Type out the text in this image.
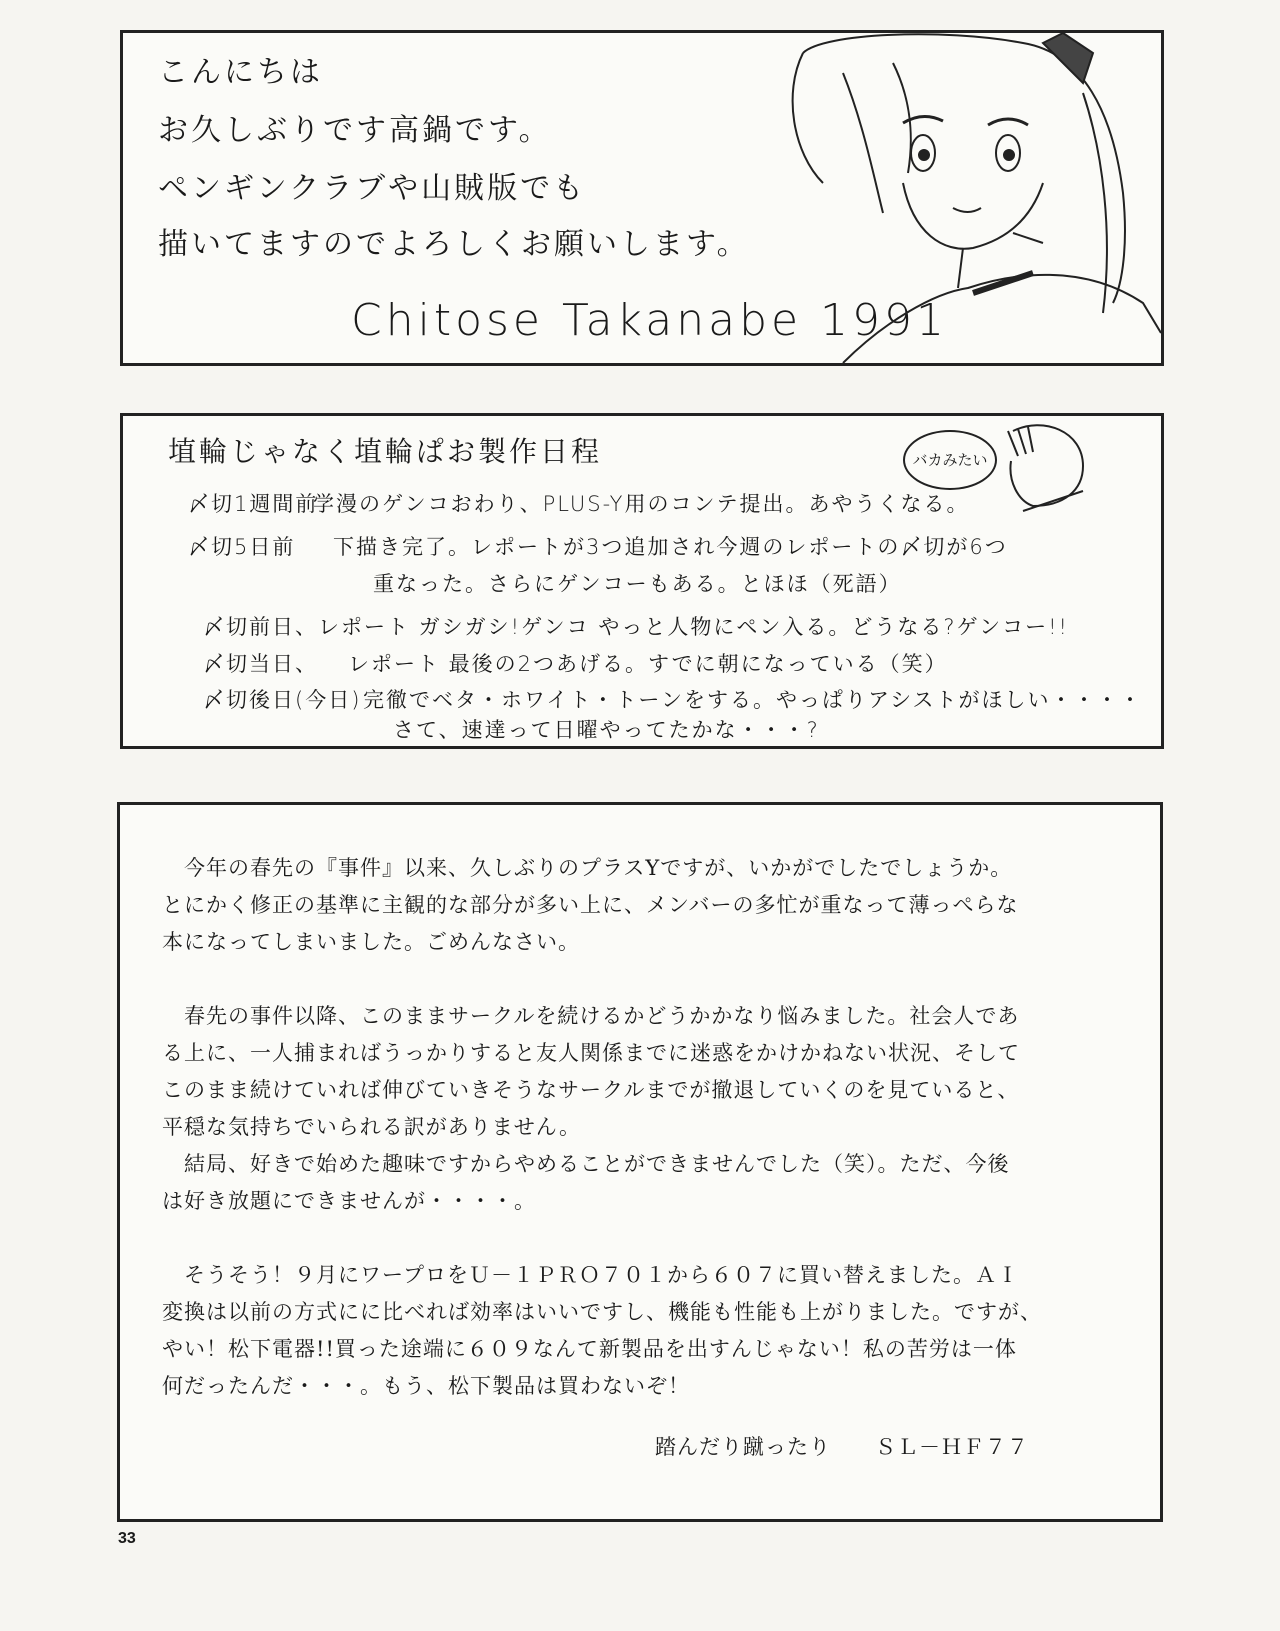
こんにちは
お久しぶりです高鍋です。
ペンギンクラブや山賊版でも
描いてますのでよろしくお願いします。
Chitose Takanabe 1991
埴輪じゃなく埴輪ぱお製作日程	バカみたい
〆切1週間前
学漫のゲンコおわり、PLUS-Y用のコンテ提出。あやうくなる。
〆切5日前 下描き完了。レポートが3つ追加され今週のレポートの〆切が6つ
重なった。さらにゲンコーもある。とほほ（死語）
〆切前日、 レポート ガシガシ!ゲンコ やっと人物にペン入る。どうなる?ゲンコー!!
〆切当日、 レポート 最後の2つあげる。すでに朝になっている（笑）
〆切後日(今日) 完徹でベタ・ホワイト・トーンをする。やっぱりアシストがほしい・・・・
さて、速達って日曜やってたかな・・・?
　今年の春先の『事件』以来、久しぶりのプラスYですが、いかがでしたでしょうか。
とにかく修正の基準に主観的な部分が多い上に、メンバーの多忙が重なって薄っぺらな
本になってしまいました。ごめんなさい。
　春先の事件以降、このままサークルを続けるかどうかかなり悩みました。社会人であ
る上に、一人捕まればうっかりすると友人関係までに迷惑をかけかねない状況、そして
このまま続けていれば伸びていきそうなサークルまでが撤退していくのを見ていると、
平穏な気持ちでいられる訳がありません。
　結局、好きで始めた趣味ですからやめることができませんでした（笑）。ただ、今後
は好き放題にできませんが・・・・。
　そうそう！９月にワープロをＵ－１ＰＲＯ７０１から６０７に買い替えました。ＡＩ
変換は以前の方式にに比べれば効率はいいですし、機能も性能も上がりました。ですが、
やい！松下電器!!買った途端に６０９なんて新製品を出すんじゃない！私の苦労は一体
何だったんだ・・・。もう、松下製品は買わないぞ！
踏んだり蹴ったり ＳＬ－ＨＦ７７
33
